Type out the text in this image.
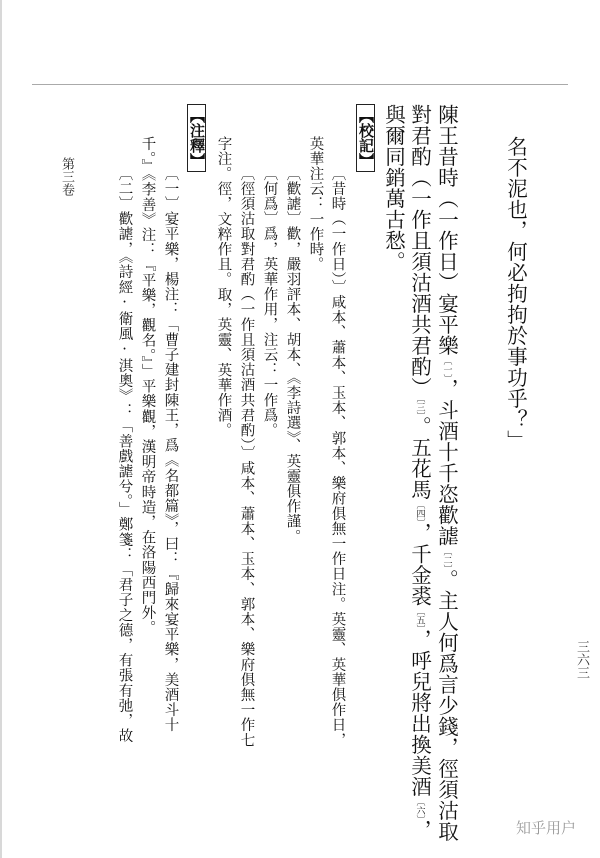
名不泥也，何必拘拘於事功乎？」
陳王昔時（一作日）宴平樂〔一〕，斗酒十千恣歡謔〔二〕。主人何爲言少錢，徑須沽取
對君酌（一作且須沽酒共君酌）〔三〕。五花馬〔四〕，千金裘〔五〕，呼兒將出換美酒〔六〕，
與爾同銷萬古愁。
【校記】
〔昔時（一作日）〕咸本、蕭本、玉本、郭本、樂府俱無一作日注。英靈、英華俱作日，
英華注云：一作時。
〔歡謔〕歡，嚴羽評本、胡本、《李詩選》、英靈俱作謹。
〔何爲〕爲，英華作用，注云：一作爲。
〔徑須沽取對君酌（一作且須沽酒共君酌）〕咸本、蕭本、玉本、郭本、樂府俱無一作七
字注。徑，文粹作且。取，英靈、英華作酒。
【注釋】
〔一〕宴平樂，楊注：「曹子建封陳王，爲《名都篇》，曰：『歸來宴平樂，美酒斗十
千。』《李善》注：『平樂，觀名。』」平樂觀，漢明帝時造，在洛陽西門外。
〔二〕歡謔，《詩經·衛風·淇奧》：「善戲謔兮。」鄭箋：「君子之德，有張有弛，故
第三卷
三六三
知乎用户
